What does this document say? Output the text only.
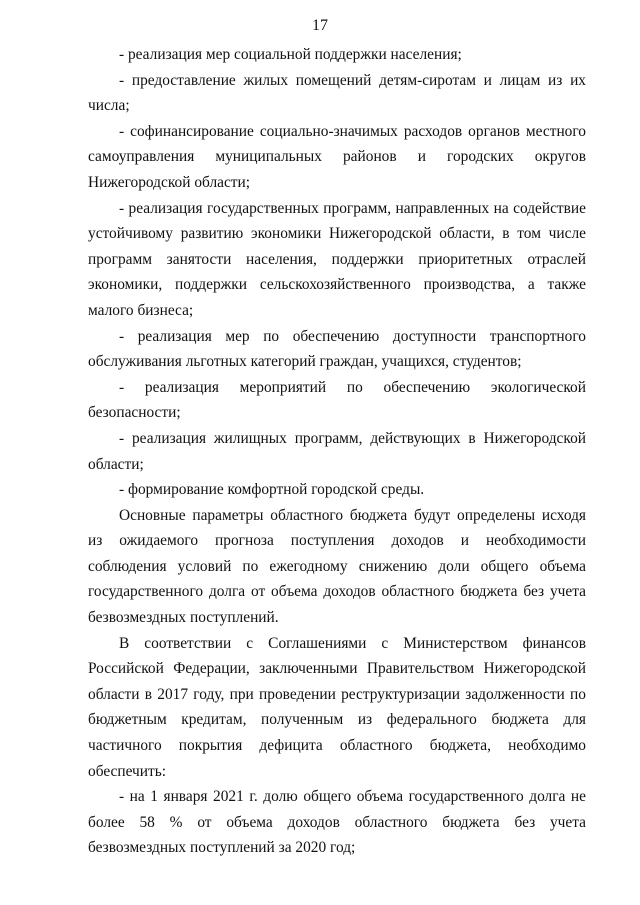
17

- реализация мер социальной поддержки населения;

- предоставление жилых помещений детям-сиротам и лицам из их числа;

- софинансирование социально-значимых расходов органов местного самоуправления муниципальных районов и городских округов Нижегородской области;

- реализация государственных программ, направленных на содействие устойчивому развитию экономики Нижегородской области, в том числе программ занятости населения, поддержки приоритетных отраслей экономики, поддержки сельскохозяйственного производства, а также малого бизнеса;

- реализация мер по обеспечению доступности транспортного обслуживания льготных категорий граждан, учащихся, студентов;

- реализация мероприятий по обеспечению экологической безопасности;

- реализация жилищных программ, действующих в Нижегородской области;

- формирование комфортной городской среды.

Основные параметры областного бюджета будут определены исходя из ожидаемого прогноза поступления доходов и необходимости соблюдения условий по ежегодному снижению доли общего объема государственного долга от объема доходов областного бюджета без учета безвозмездных поступлений.

В соответствии с Соглашениями с Министерством финансов Российской Федерации, заключенными Правительством Нижегородской области в 2017 году, при проведении реструктуризации задолженности по бюджетным кредитам, полученным из федерального бюджета для частичного покрытия дефицита областного бюджета, необходимо обеспечить:

- на 1 января 2021 г. долю общего объема государственного долга не более 58 % от объема доходов областного бюджета без учета безвозмездных поступлений за 2020 год;
